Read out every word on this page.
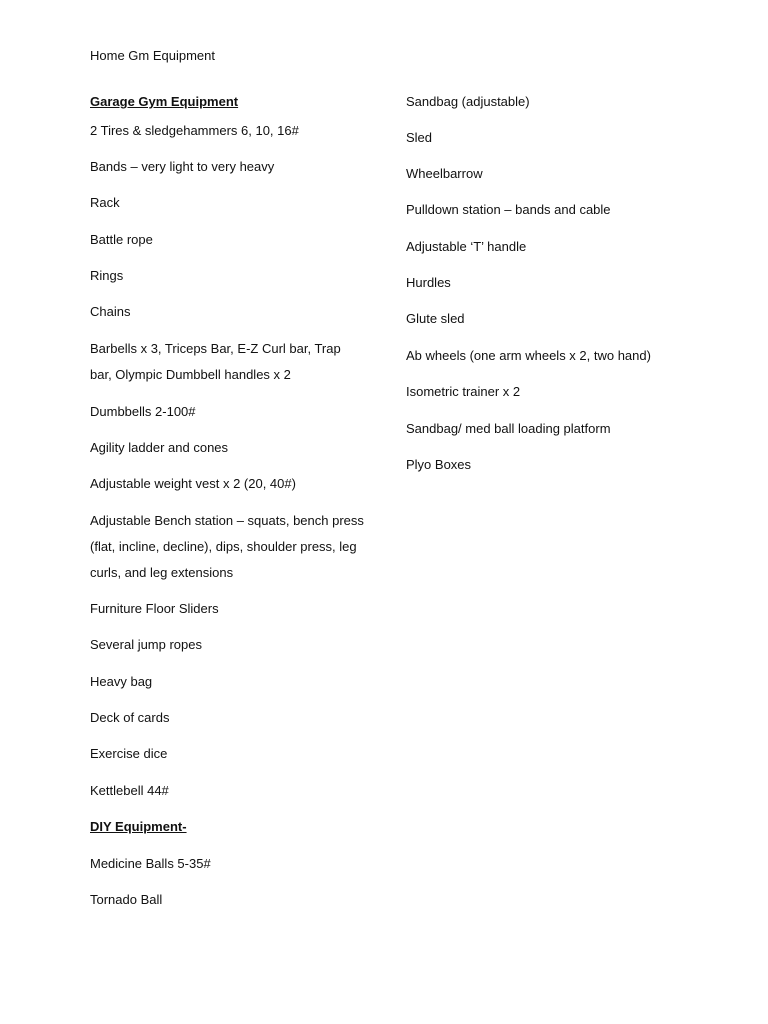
Home Gm Equipment
Garage Gym Equipment
2 Tires & sledgehammers 6, 10, 16#
Bands – very light to very heavy
Rack
Battle rope
Rings
Chains
Barbells x 3, Triceps Bar, E-Z Curl bar, Trap bar, Olympic Dumbbell handles x 2
Dumbbells 2-100#
Agility ladder and cones
Adjustable weight vest x 2 (20, 40#)
Adjustable Bench station – squats, bench press (flat, incline, decline), dips, shoulder press, leg curls, and leg extensions
Furniture Floor Sliders
Several jump ropes
Heavy bag
Deck of cards
Exercise dice
Kettlebell 44#
DIY Equipment-
Medicine Balls 5-35#
Tornado Ball
Sandbag (adjustable)
Sled
Wheelbarrow
Pulldown station – bands and cable
Adjustable ‘T’ handle
Hurdles
Glute sled
Ab wheels (one arm wheels x 2, two hand)
Isometric trainer x 2
Sandbag/ med ball loading platform
Plyo Boxes
